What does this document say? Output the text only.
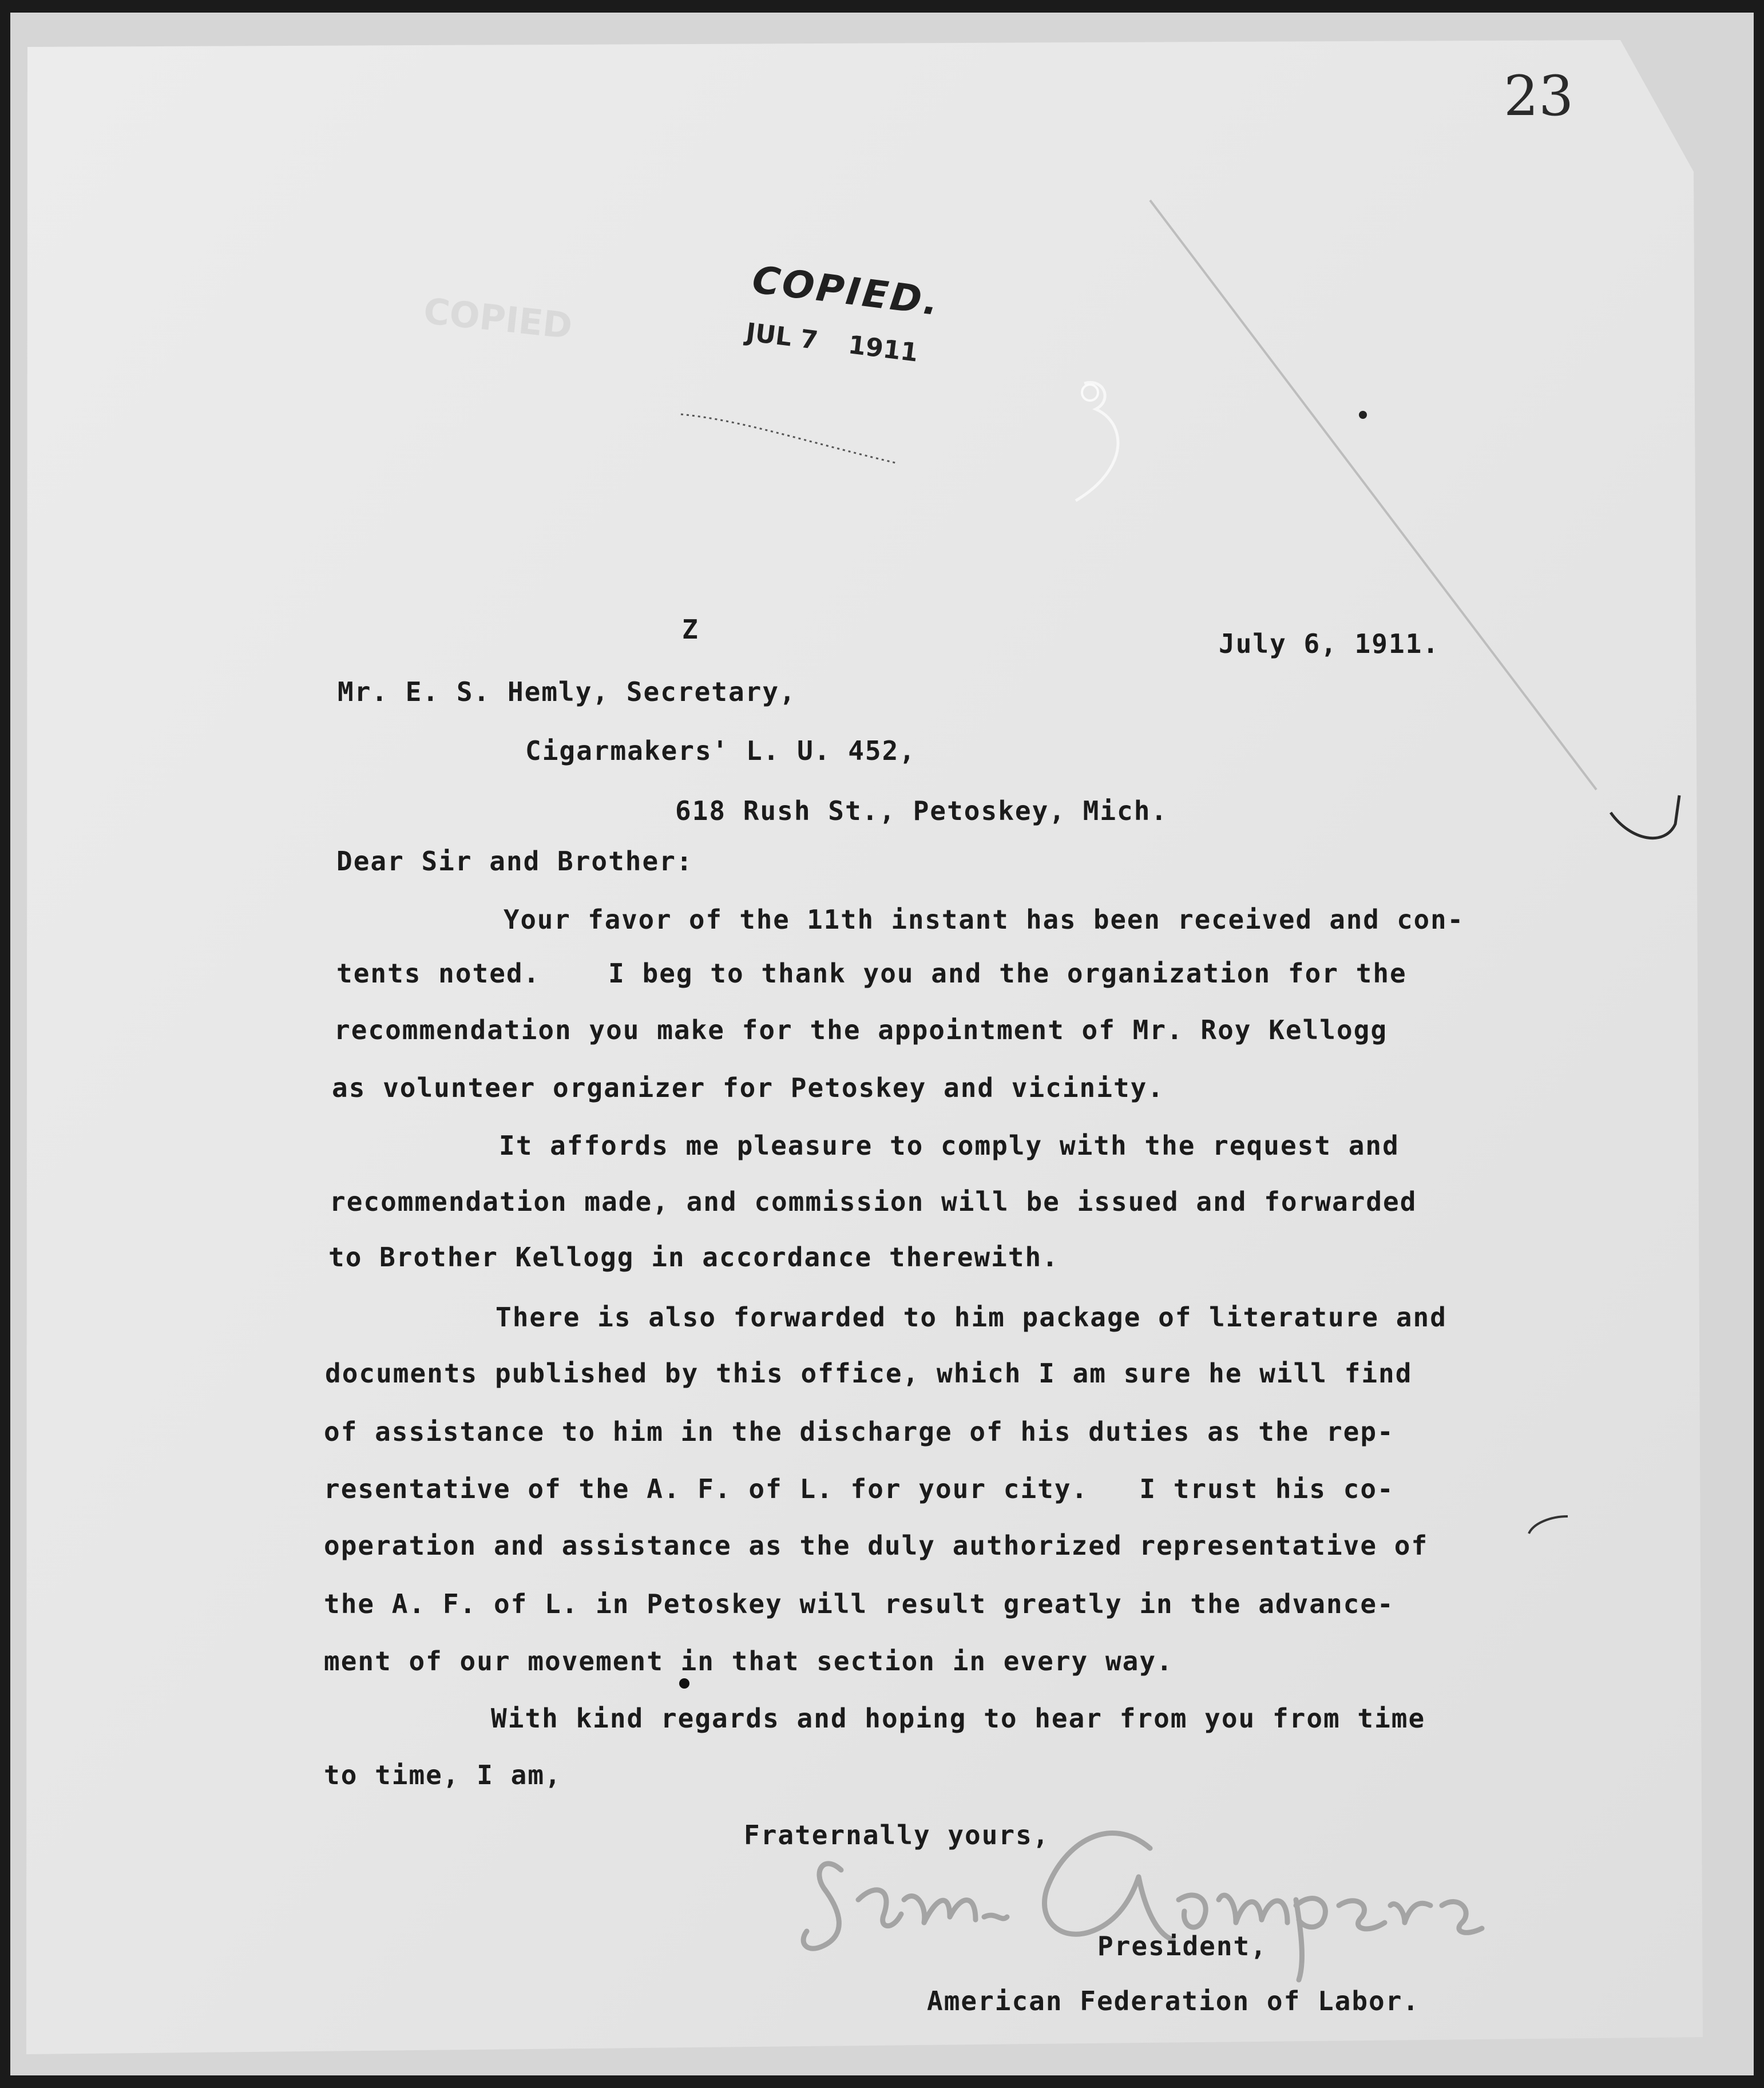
COPIED
23
COPIED.
JUL 7 1911
Z	July 6, 1911.
Mr. E. S. Hemly, Secretary,
Cigarmakers' L. U. 452,
618 Rush St., Petoskey, Mich.
Dear Sir and Brother:
Your favor of the 11th instant has been received and con-
tents noted.    I beg to thank you and the organization for the
recommendation you make for the appointment of Mr. Roy Kellogg
as volunteer organizer for Petoskey and vicinity.
It affords me pleasure to comply with the request and
recommendation made, and commission will be issued and forwarded
to Brother Kellogg in accordance therewith.
There is also forwarded to him package of literature and
documents published by this office, which I am sure he will find
of assistance to him in the discharge of his duties as the rep-
resentative of the A. F. of L. for your city.   I trust his co-
operation and assistance as the duly authorized representative of
the A. F. of L. in Petoskey will result greatly in the advance-
ment of our movement in that section in every way.
With kind regards and hoping to hear from you from time
to time, I am,
Fraternally yours,
President,
American Federation of Labor.
